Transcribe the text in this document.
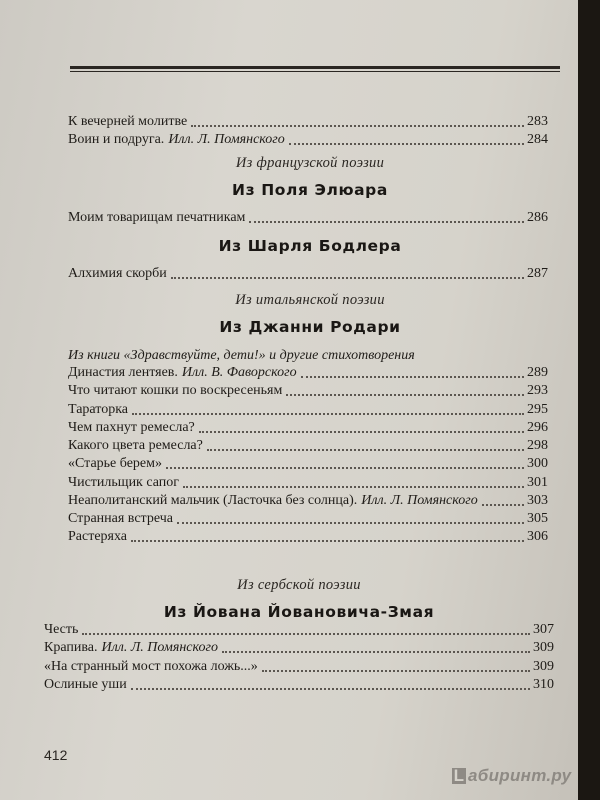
К вечерней молитве	283
Воин и подруга. Илл. Л. Помянского	284
Из французской поэзии
Из Поля Элюара
Моим товарищам печатникам	286
Из Шарля Бодлера
Алхимия скорби	287
Из итальянской поэзии
Из Джанни Родари
Из книги «Здравствуйте, дети!» и другие стихотворения
Династия лентяев. Илл. В. Фаворского	289
Что читают кошки по воскресеньям	293
Тараторка	295
Чем пахнут ремесла?	296
Какого цвета ремесла?	298
«Старье берем»	300
Чистильщик сапог	301
Неаполитанский мальчик (Ласточка без солнца). Илл. Л. Помянского	303
Странная встреча	305
Растеряха	306
Из сербской поэзии
Из Йована Йовановича-Змая
Честь	307
Крапива. Илл. Л. Помянского	309
«На странный мост похожа ложь...»	309
Ослиные уши	310
412
L абиринт.ру
